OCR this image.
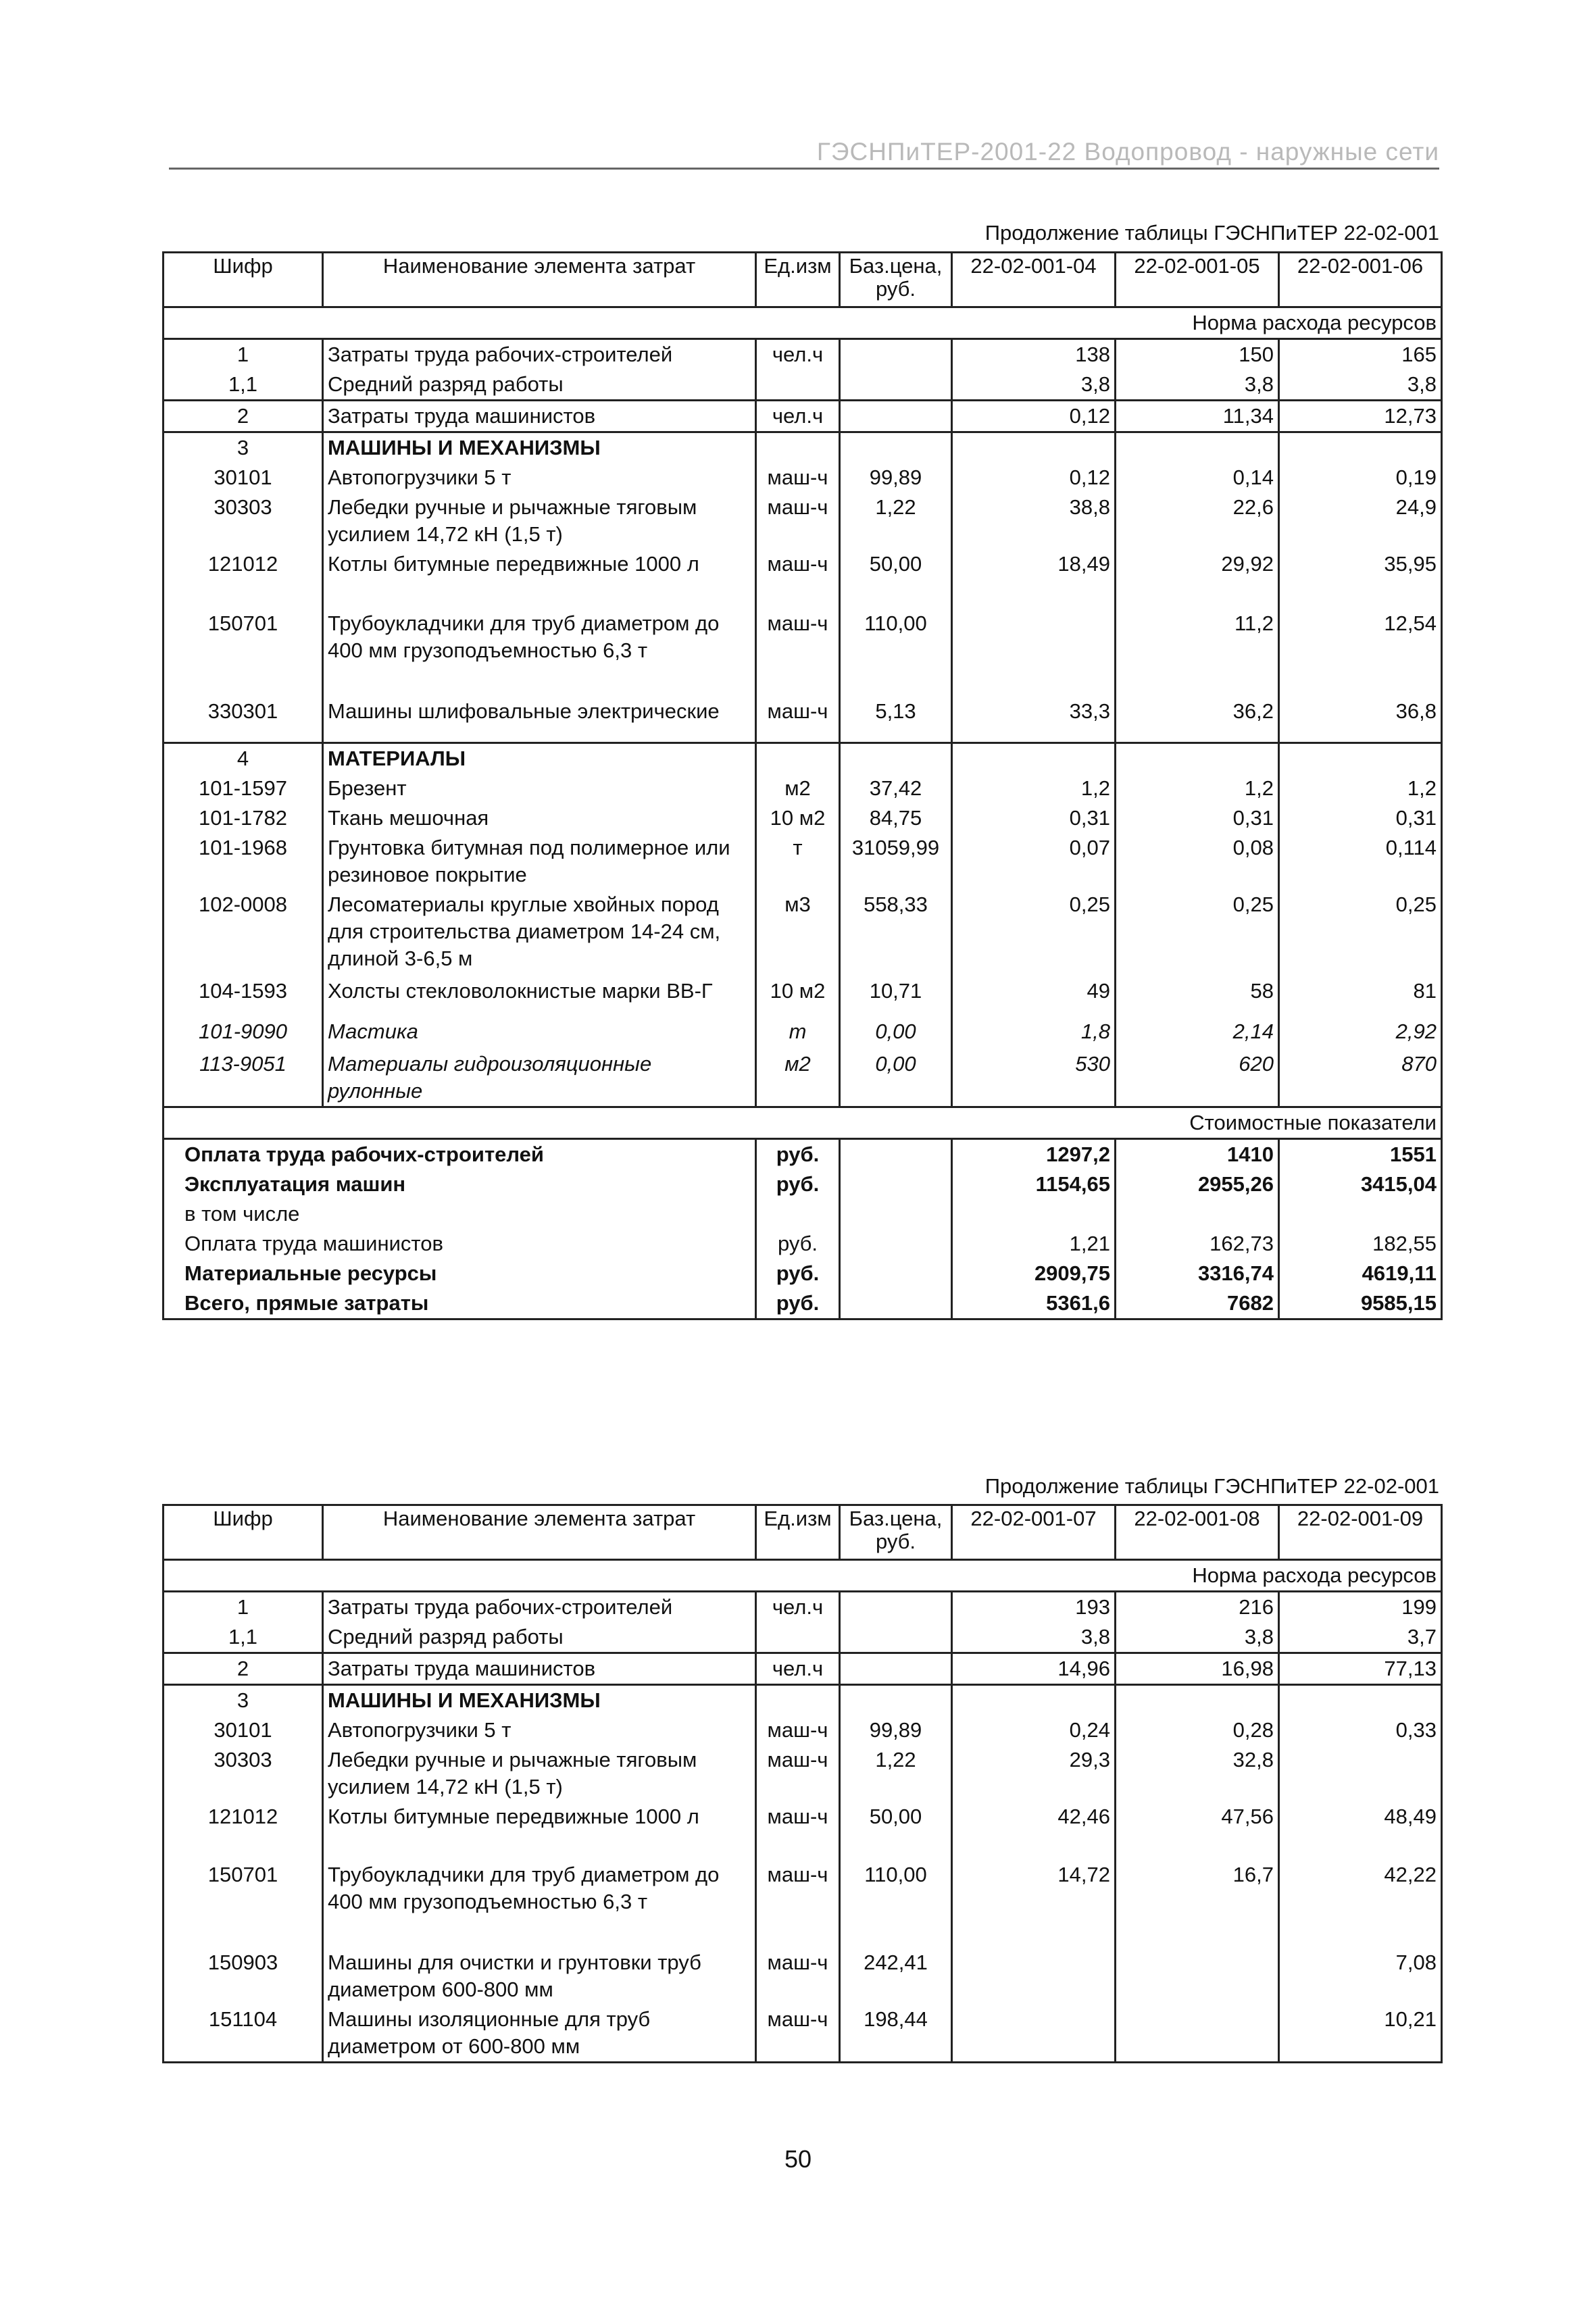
ГЭСНПиТЕР-2001-22 Водопровод - наружные сети
Продолжение таблицы ГЭСНПиТЕР 22-02-001
Шифр	Наименование элемента затрат	Ед.изм	Баз.цена, руб.	22-02-001-04	22-02-001-05	22-02-001-06
				Норма расхода ресурсов		
1	Затраты труда рабочих-строителей	чел.ч		138	150	165
1,1	Средний разряд работы			3,8	3,8	3,8
2	Затраты труда машинистов	чел.ч		0,12	11,34	12,73
3	МАШИНЫ И МЕХАНИЗМЫ					
30101	Автопогрузчики 5 т	маш-ч	99,89	0,12	0,14	0,19
30303	Лебедки ручные и рычажные тяговым усилием 14,72 кН (1,5 т)	маш-ч	1,22	38,8	22,6	24,9
121012	Котлы битумные передвижные 1000 л	маш-ч	50,00	18,49	29,92	35,95
150701	Трубоукладчики для труб диаметром до 400 мм грузоподъемностью 6,3 т	маш-ч	110,00		11,2	12,54
330301	Машины шлифовальные электрические	маш-ч	5,13	33,3	36,2	36,8
4	МАТЕРИАЛЫ					
101-1597	Брезент	м2	37,42	1,2	1,2	1,2
101-1782	Ткань мешочная	10 м2	84,75	0,31	0,31	0,31
101-1968	Грунтовка битумная под полимерное или резиновое покрытие	т	31059,99	0,07	0,08	0,114
102-0008	Лесоматериалы круглые хвойных пород для строительства диаметром 14-24 см, длиной 3-6,5 м	м3	558,33	0,25	0,25	0,25
104-1593	Холсты стекловолокнистые марки ВВ-Г	10 м2	10,71	49	58	81
101-9090	Мастика	т	0,00	1,8	2,14	2,92
113-9051	Материалы гидроизоляционные рулонные	м2	0,00	530	620	870
				Стоимостные показатели		
Оплата труда рабочих-строителей		руб.		1297,2	1410	1551
Эксплуатация машин		руб.		1154,65	2955,26	3415,04
в том числе						
Оплата труда машинистов		руб.		1,21	162,73	182,55
Материальные ресурсы		руб.		2909,75	3316,74	4619,11
Всего, прямые затраты		руб.		5361,6	7682	9585,15
Продолжение таблицы ГЭСНПиТЕР 22-02-001
Шифр	Наименование элемента затрат	Ед.изм	Баз.цена, руб.	22-02-001-07	22-02-001-08	22-02-001-09
				Норма расхода ресурсов		
1	Затраты труда рабочих-строителей	чел.ч		193	216	199
1,1	Средний разряд работы			3,8	3,8	3,7
2	Затраты труда машинистов	чел.ч		14,96	16,98	77,13
3	МАШИНЫ И МЕХАНИЗМЫ					
30101	Автопогрузчики 5 т	маш-ч	99,89	0,24	0,28	0,33
30303	Лебедки ручные и рычажные тяговым усилием 14,72 кН (1,5 т)	маш-ч	1,22	29,3	32,8	
121012	Котлы битумные передвижные 1000 л	маш-ч	50,00	42,46	47,56	48,49
150701	Трубоукладчики для труб диаметром до 400 мм грузоподъемностью 6,3 т	маш-ч	110,00	14,72	16,7	42,22
150903	Машины для очистки и грунтовки труб диаметром 600-800 мм	маш-ч	242,41			7,08
151104	Машины изоляционные для труб диаметром от 600-800 мм	маш-ч	198,44			10,21
50
